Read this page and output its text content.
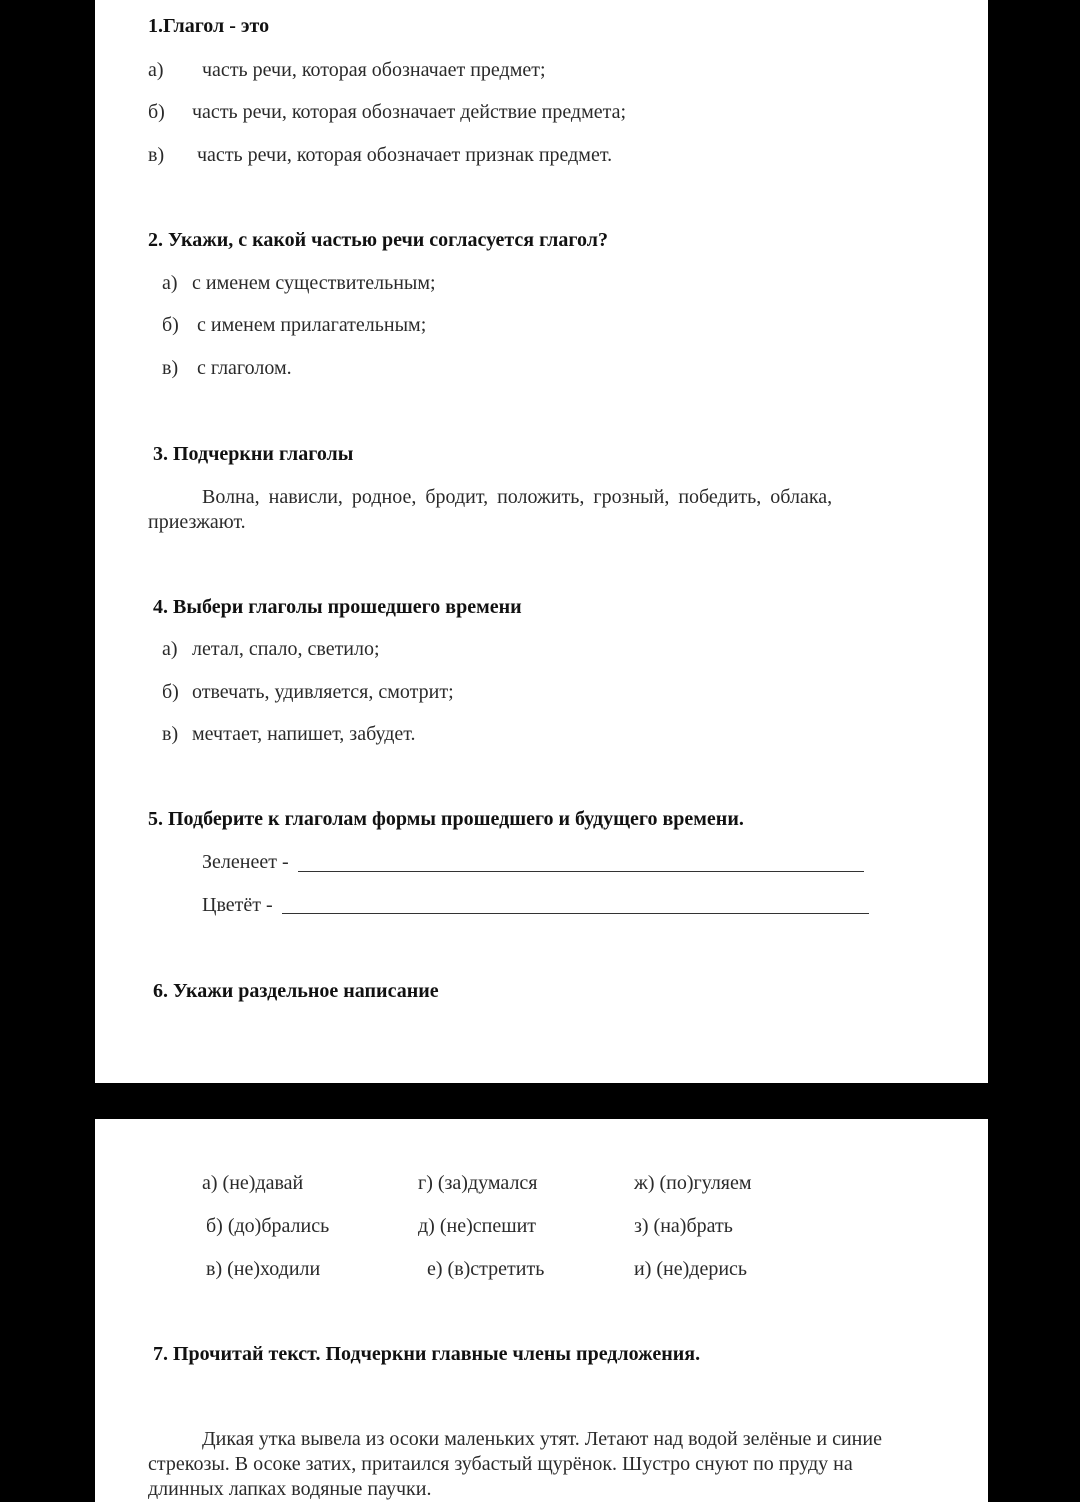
1.Глагол - это
а) часть речи, которая обозначает предмет;
б) часть речи, которая обозначает действие предмета;
в) часть речи, которая обозначает признак предмет.
2. Укажи, с какой частью речи согласуется глагол?
а) с именем существительным;
б) с именем прилагательным;
в) с глаголом.
3. Подчеркни глаголы
Волна, нависли, родное, бродит, положить, грозный, победить, облака,
приезжают.
4. Выбери глаголы прошедшего времени
а) летал, спало, светило;
б) отвечать, удивляется, смотрит;
в) мечтает, напишет, забудет.
5. Подберите к глаголам формы прошедшего и будущего времени.
Зеленеет -
Цветёт -
6. Укажи раздельное написание
а) (не)давай
б) (до)брались
в) (не)ходили
г) (за)думался
д) (не)спешит
е) (в)стретить
ж) (по)гуляем
з) (на)брать
и) (не)дерись
7. Прочитай текст. Подчеркни главные члены предложения.
Дикая утка вывела из осоки маленьких утят. Летают над водой зелёные и синие
стрекозы. В осоке затих, притаился зубастый щурёнок. Шустро снуют по пруду на
длинных лапках водяные паучки.
